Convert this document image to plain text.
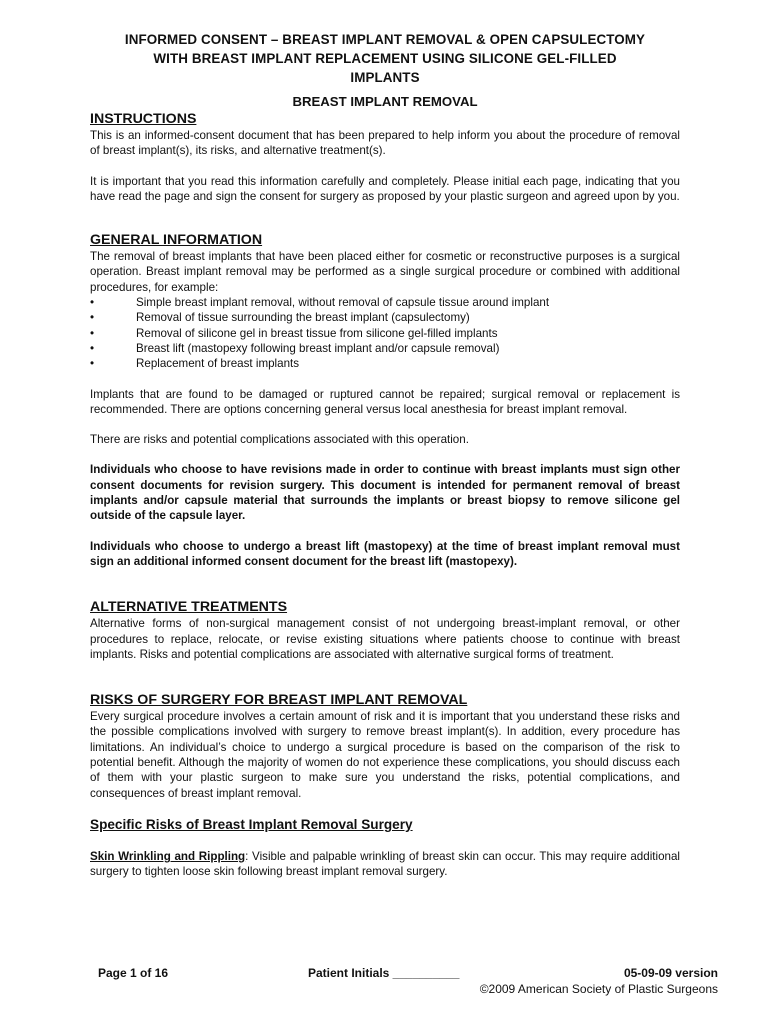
INFORMED CONSENT – BREAST IMPLANT REMOVAL & OPEN CAPSULECTOMY
WITH BREAST IMPLANT REPLACEMENT USING SILICONE GEL-FILLED
IMPLANTS
BREAST IMPLANT REMOVAL
INSTRUCTIONS

This is an informed-consent document that has been prepared to help inform you about the procedure of removal of breast implant(s), its risks, and alternative treatment(s).

It is important that you read this information carefully and completely. Please initial each page, indicating that you have read the page and sign the consent for surgery as proposed by your plastic surgeon and agreed upon by you.

GENERAL INFORMATION

The removal of breast implants that have been placed either for cosmetic or reconstructive purposes is a surgical operation. Breast implant removal may be performed as a single surgical procedure or combined with additional procedures, for example:

•	Simple breast implant removal, without removal of capsule tissue around implant
•	Removal of tissue surrounding the breast implant (capsulectomy)
•	Removal of silicone gel in breast tissue from silicone gel-filled implants
•	Breast lift (mastopexy following breast implant and/or capsule removal)
•	Replacement of breast implants

Implants that are found to be damaged or ruptured cannot be repaired; surgical removal or replacement is recommended. There are options concerning general versus local anesthesia for breast implant removal.

There are risks and potential complications associated with this operation.

Individuals who choose to have revisions made in order to continue with breast implants must sign other consent documents for revision surgery. This document is intended for permanent removal of breast implants and/or capsule material that surrounds the implants or breast biopsy to remove silicone gel outside of the capsule layer.

Individuals who choose to undergo a breast lift (mastopexy) at the time of breast implant removal must sign an additional informed consent document for the breast lift (mastopexy).

ALTERNATIVE TREATMENTS

Alternative forms of non-surgical management consist of not undergoing breast-implant removal, or other procedures to replace, relocate, or revise existing situations where patients choose to continue with breast implants. Risks and potential complications are associated with alternative surgical forms of treatment.

RISKS OF SURGERY FOR BREAST IMPLANT REMOVAL

Every surgical procedure involves a certain amount of risk and it is important that you understand these risks and the possible complications involved with surgery to remove breast implant(s). In addition, every procedure has limitations. An individual’s choice to undergo a surgical procedure is based on the comparison of the risk to potential benefit. Although the majority of women do not experience these complications, you should discuss each of them with your plastic surgeon to make sure you understand the risks, potential complications, and consequences of breast implant removal.

Specific Risks of Breast Implant Removal Surgery

Skin Wrinkling and Rippling: Visible and palpable wrinkling of breast skin can occur. This may require additional surgery to tighten loose skin following breast implant removal surgery.

Page 1 of 16	Patient Initials __________	05-09-09 version
©2009 American Society of Plastic Surgeons
